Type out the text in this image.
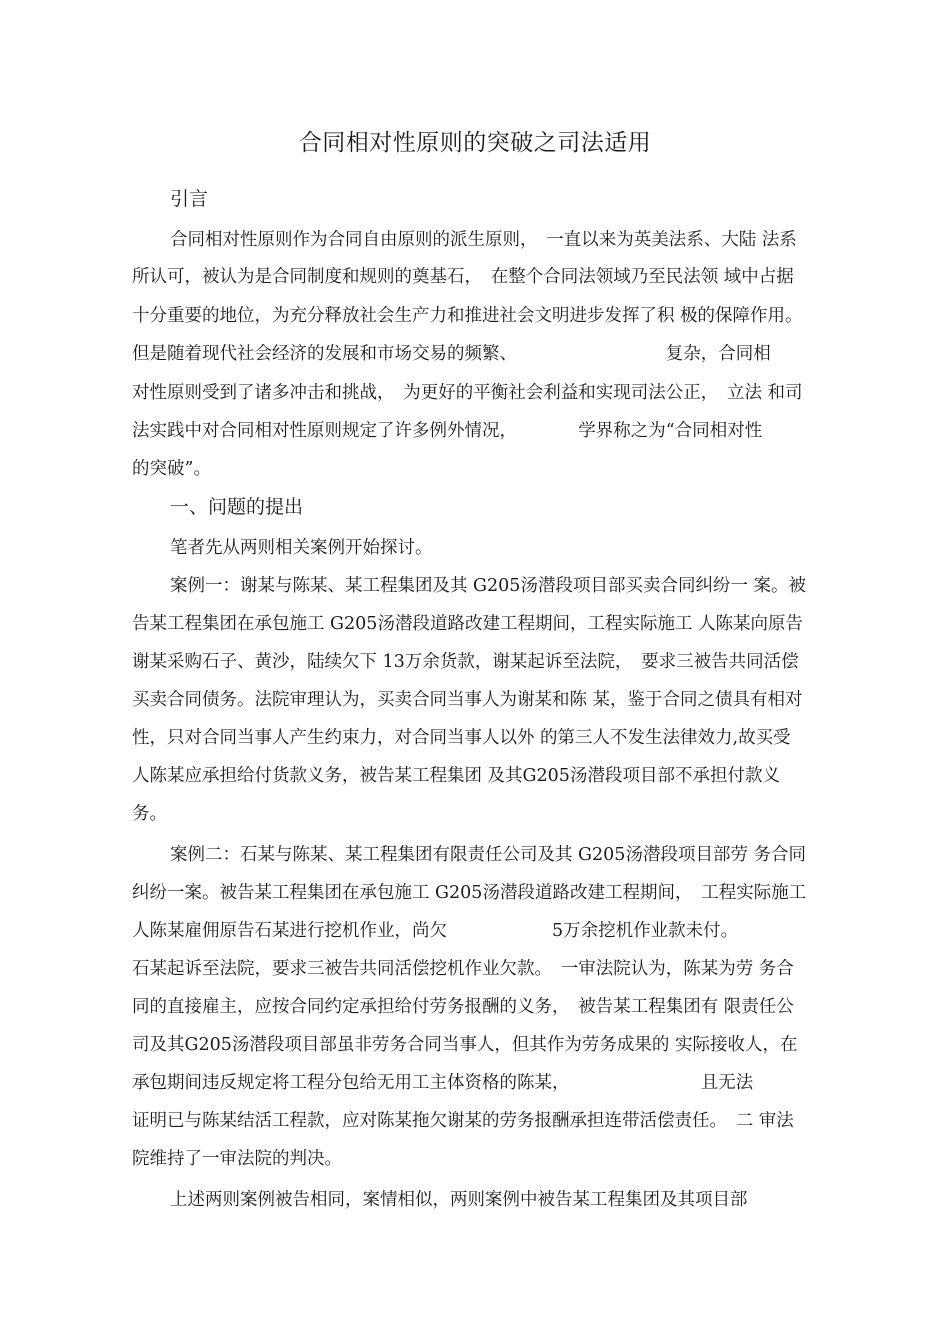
合同相对性原则的突破之司法适用
引言
合同相对性原则作为合同自由原则的派生原则，　一直以来为英美法系、大陆 法系
所认可，被认为是合同制度和规则的奠基石，　在整个合同法领域乃至民法领 域中占据
十分重要的地位，为充分释放社会生产力和推进社会文明进步发挥了积 极的保障作用。
但是随着现代社会经济的发展和市场交易的频繁、　　　　　　　　　复杂，合同相
对性原则受到了诸多冲击和挑战，　为更好的平衡社会利益和实现司法公正，　立法 和司
法实践中对合同相对性原则规定了许多例外情况，　　　　学界称之为“合同相对性
的突破”。
一、问题的提出
笔者先从两则相关案例开始探讨。
案例一：谢某与陈某、某工程集团及其 G205汤潜段项目部买卖合同纠纷一 案。被
告某工程集团在承包施工 G205汤潜段道路改建工程期间，工程实际施工 人陈某向原告
谢某采购石子、黄沙，陆续欠下 13万余货款，谢某起诉至法院，　要求三被告共同活偿
买卖合同债务。法院审理认为，买卖合同当事人为谢某和陈 某，鉴于合同之债具有相对
性，只对合同当事人产生约束力，对合同当事人以外 的第三人不发生法律效力,故买受
人陈某应承担给付货款义务，被告某工程集团 及其G205汤潜段项目部不承担付款义
务。
案例二：石某与陈某、某工程集团有限责任公司及其 G205汤潜段项目部劳 务合同
纠纷一案。被告某工程集团在承包施工 G205汤潜段道路改建工程期间，　工程实际施工
人陈某雇佣原告石某进行挖机作业，尚欠　　　　　　5万余挖机作业款未付。
石某起诉至法院，要求三被告共同活偿挖机作业欠款。　一审法院认为，陈某为劳 务合
同的直接雇主，应按合同约定承担给付劳务报酬的义务，　被告某工程集团有 限责任公
司及其G205汤潜段项目部虽非劳务合同当事人，但其作为劳务成果的 实际接收人，在
承包期间违反规定将工程分包给无用工主体资格的陈某，　　　　　　　　且无法
证明已与陈某结活工程款，应对陈某拖欠谢某的劳务报酬承担连带活偿责任。　二 审法
院维持了一审法院的判决。
上述两则案例被告相同，案情相似，两则案例中被告某工程集团及其项目部
